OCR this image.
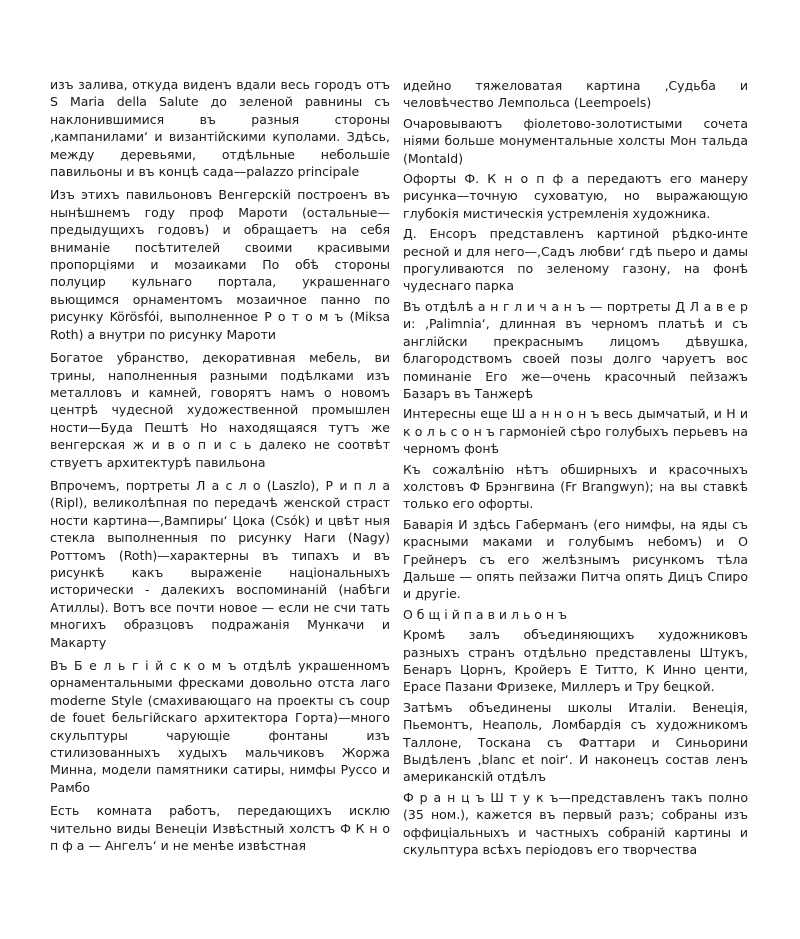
изъ залива, откуда виденъ вдали весь городъ отъ S Maria della Salute до зеленой равнины съ наклонившимися въ разныя стороны ‚кампанилами‘ и византійскими куполами. Здѣсь, между деревьями, отдѣльные небольшiе павильоны и въ концѣ сада—palazzo principale

Изъ этихъ павильоновъ Венгерскій построенъ въ нынѣшнемъ году проф Мароти (остальные—предыдущихъ годовъ) и обращаетъ на себя вниманіе посѣтителей своими красивыми пропорціями и мозаиками По обѣ стороны полуцир кульнаго портала, украшеннаго вьющимся орнаментомъ мозаичное панно по рисунку Körösfói, выполненное Р о т о м ъ (Miksa Roth) а внутри по рисунку Мароти

Богатое убранство, декоративная мебель, ви трины, наполненныя разными подѣлками изъ металловъ и камней, говорятъ намъ о новомъ центрѣ чудесной художественной промышлен ности—Буда Пештѣ Но находящаяся тутъ же венгерская ж и в о п и с ь далеко не соотвѣт ствуетъ архитектурѣ павильона

Впрочемъ, портреты Л а с л о (Laszlo), Р и п л а (Ripl), великолѣпная по передачѣ женской страст ности картина—‚Вампиры‘ Цока (Csók) и цвѣт ныя стекла выполненныя по рисунку Наги (Nagy) Роттомъ (Roth)—характерны въ типахъ и въ рисункѣ какъ выраженіе національныхъ исторически - далекихъ воспоминаній (набѣги Атиллы). Вотъ все почти новое — если не счи тать многихъ образцовъ подражанія Мункачи и Макарту

Въ Б е л ь г і й с к о м ъ отдѣлѣ украшенномъ орнаментальными фресками довольно отста лаго moderne Style (смахивающаго на проекты съ coup de fouet бельгійскаго архитектора Горта)—много скульптуры чарующіе фонтаны изъ стилизованныхъ худыхъ мальчиковъ Жоржа Минна, модели памятники сатиры, нимфы Руссо и Рамбо

Есть комната работъ, передающихъ исклю чительно виды Венеціи Извѣстный холстъ Ф К н о п ф а — Ангелъ‘ и не менѣе извѣстная

идейно тяжеловатая картина ‚Судьба и человѣчество Лемпольса (Leempoels)

Очаровываютъ фіолетово-золотистыми сочета ніями больше монументальные холсты Мон тальда (Montald)

Офорты Ф. К н о п ф а передаютъ его манеру рисунка—точную суховатую, но выражающую глубокія мистическія устремленія художника.

Д. Енсоръ представленъ картиной рѣдко-инте ресной и для него—‚Садъ любви‘ гдѣ пьеро и дамы прогуливаются по зеленому газону, на фонѣ чудеснаго парка

Въ отдѣлѣ а н г л и ч а н ъ — портреты Д Л а в е р и: ‚Palimnia‘, длинная въ черномъ платьѣ и съ англійски прекраснымъ лицомъ дѣвушка, благородствомъ своей позы долго чаруетъ вос поминаніе Его же—очень красочный пейзажъ Базаръ въ Танжерѣ

Интересны еще Ш а н н о н ъ весь дымчатый, и Н и к о л ь с о н ъ гармоніей сѣро голубыхъ перьевъ на черномъ фонѣ

Къ сожалѣнію нѣтъ обширныхъ и красочныхъ холстовъ Ф Брэнгвина (Fr Brangwyn); на вы ставкѣ только его офорты.

Баварія И здѣсь Габерманъ (его нимфы, на яды съ красными маками и голубымъ небомъ) и О Грейнеръ съ его желѣзнымъ рисункомъ тѣла Дальше — опять пейзажи Питча опять Дицъ Спиро и другіе.

О б щ і й п а в и л ь о н ъ

Кромѣ залъ объединяющихъ художниковъ разныхъ странъ отдѣльно представлены Штукъ, Бенаръ Цорнъ, Кройеръ Е Титто, К Инно центи, Ерасе Пазани Фризеке, Миллеръ и Тру бецкой.

Затѣмъ объединены школы Италіи. Венеція, Пьемонтъ, Неаполь, Ломбардія съ художникомъ Таллоне, Тоскана съ Фаттари и Синьорини Выдѣленъ ‚blanc et noir‘. И наконецъ состав ленъ американскій отдѣлъ

Ф р а н ц ъ Ш т у к ъ—представленъ такъ полно (35 ном.), кажется въ первый разъ; собраны изъ оффиціальныхъ и частныхъ собраній картины и скульптура всѣхъ періодовъ его творчества
